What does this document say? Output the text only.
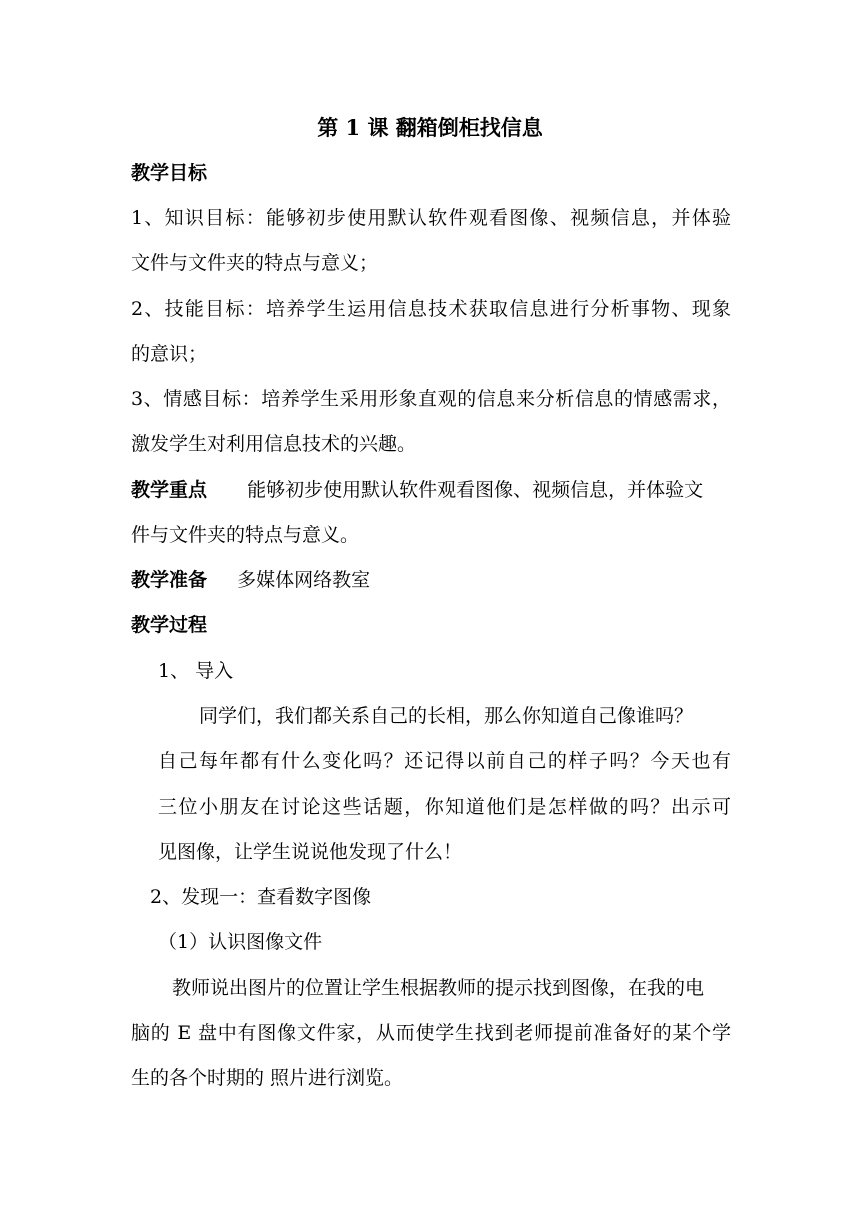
第 1 课 翻箱倒柜找信息
教学目标
1、知识目标：能够初步使用默认软件观看图像、视频信息，并体验
文件与文件夹的特点与意义；
2、技能目标：培养学生运用信息技术获取信息进行分析事物、现象
的意识；
3、情感目标：培养学生采用形象直观的信息来分析信息的情感需求，
激发学生对利用信息技术的兴趣。
教学重点 能够初步使用默认软件观看图像、视频信息，并体验文
件与文件夹的特点与意义。
教学准备 多媒体网络教室
教学过程
1、 导入
同学们，我们都关系自己的长相，那么你知道自己像谁吗？
自己每年都有什么变化吗？还记得以前自己的样子吗？今天也有
三位小朋友在讨论这些话题，你知道他们是怎样做的吗？出示可
见图像，让学生说说他发现了什么！
2、发现一：查看数字图像
（1）认识图像文件
教师说出图片的位置让学生根据教师的提示找到图像，在我的电
脑的 E 盘中有图像文件家，从而使学生找到老师提前准备好的某个学
生的各个时期的 照片进行浏览。
